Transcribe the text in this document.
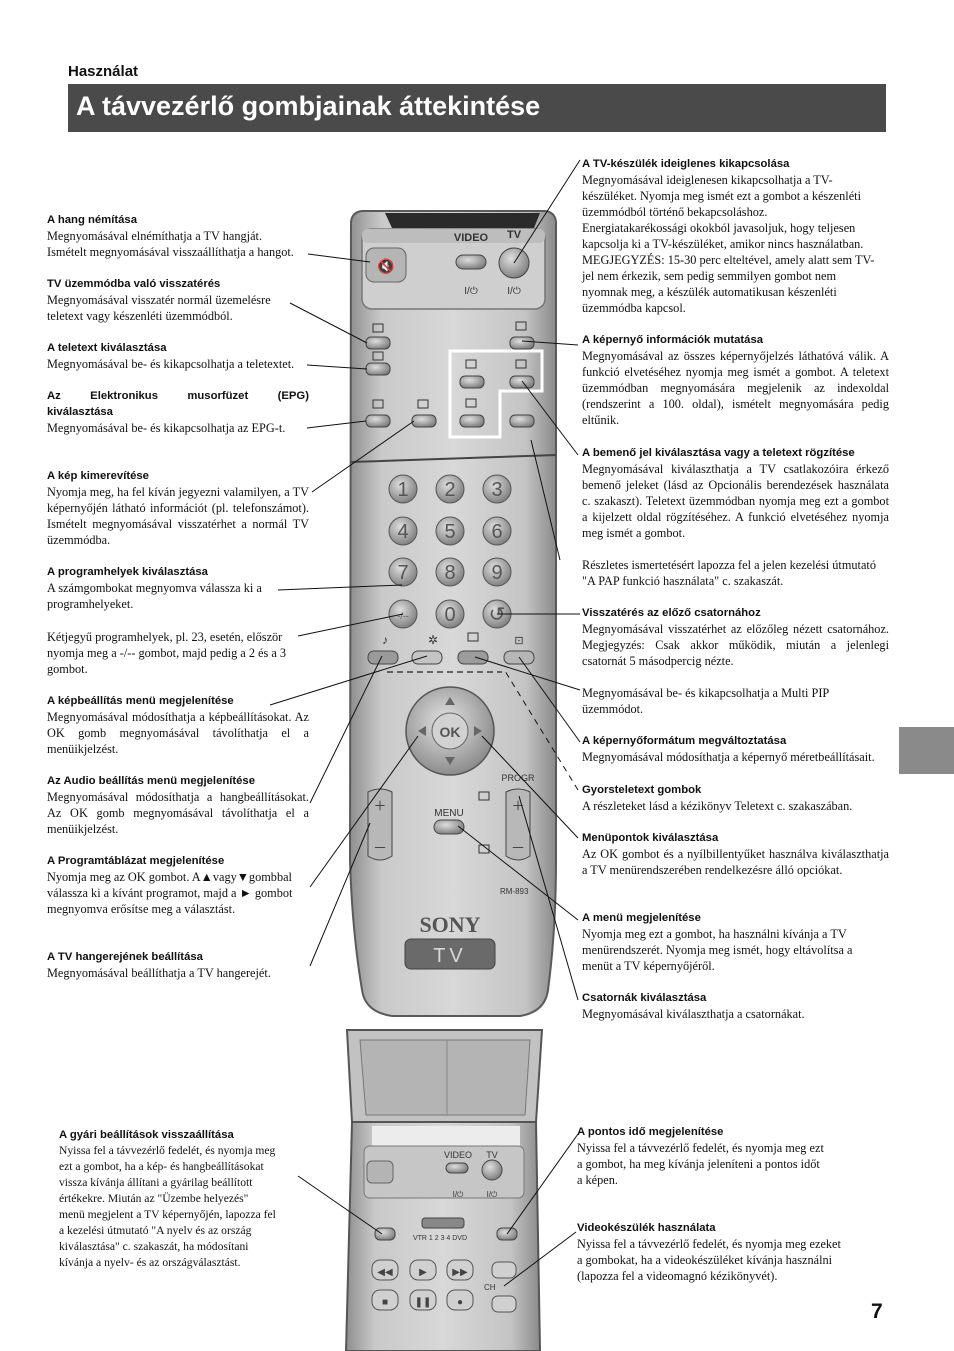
Használat
A távvezérlő gombjainak áttekintése
7
🔇
VIDEO TV
I/⏻	I/⏻
1 2 3
4 5 6
7 8 9
-/-- 0 ↺
♪	✲	⊡
OK
+
–
+
–
PROGR
MENU
RM-893
SONY
TV
VIDEO TV
I/⏻	I/⏻
VTR 1 2 3 4 DVD
◀◀	▶	▶▶
■	❚❚	●
CH
A hang némítása

Megnyomásával elnémíthatja a TV hangját.

Ismételt megnyomásával visszaállíthatja a hangot.

TV üzemmódba való visszatérés

Megnyomásával visszatér normál üzemelésre

teletext vagy készenléti üzemmódból.

A teletext kiválasztása

Megnyomásával be- és kikapcsolhatja a teletextet.

Az	Elektronikus	musorfüzet	(EPG)
kiválasztása

Megnyomásával be- és kikapcsolhatja az EPG-t.

A kép kimerevítése

Nyomja meg, ha fel kíván jegyezni valamilyen, a TV képernyőjén látható információt (pl. telefonszámot). Ismételt megnyomásával visszatérhet a normál TV üzemmódba.

A programhelyek kiválasztása

A számgombokat megnyomva válassza ki a

programhelyeket.

Kétjegyű programhelyek, pl. 23, esetén, először

nyomja meg a -/-- gombot, majd pedig a 2 és a 3

gombot.

A képbeállítás menü megjelenítése

Megnyomásával módosíthatja a képbeállításokat. Az OK gomb megnyomásával távolíthatja el a menüikjelzést.

Az Audio beállítás menü megjelenítése

Megnyomásával módosíthatja a hangbeállításokat. Az OK gomb megnyomásával távolíthatja el a menüikjelzést.

A Programtáblázat megjelenítése

Nyomja meg az OK gombot. A▲vagy▼gombbal

válassza ki a kívánt programot, majd a ► gombot

megnyomva erősítse meg a választást.

A TV hangerejének beállítása

Megnyomásával beállíthatja a TV hangerejét.

A gyári beállítások visszaállítása

Nyissa fel a távvezérlő fedelét, és nyomja meg

ezt a gombot, ha a kép- és hangbeállításokat

vissza kívánja állítani a gyárilag beállított

értékekre. Miután az "Üzembe helyezés"

menü megjelent a TV képernyőjén, lapozza fel

a kezelési útmutató "A nyelv és az ország

kiválasztása" c. szakaszát, ha módosítani

kívánja a nyelv- és az országválasztást.

A TV-készülék ideiglenes kikapcsolása

Megnyomásával ideiglenesen kikapcsolhatja a TV-

készüléket. Nyomja meg ismét ezt a gombot a készenléti

üzemmódból történő bekapcsoláshoz.

Energiatakarékossági okokból javasoljuk, hogy teljesen

kapcsolja ki a TV-készüléket, amikor nincs használatban.

MEGJEGYZÉS: 15-30 perc elteltével, amely alatt sem TV-

jel nem érkezik, sem pedig semmilyen gombot nem

nyomnak meg, a készülék automatikusan készenléti

üzemmódba kapcsol.

A képernyő információk mutatása

Megnyomásával az összes képernyőjelzés láthatóvá válik. A funkció elvetéséhez nyomja meg ismét a gombot. A teletext üzemmódban megnyomására megjelenik az indexoldal (rendszerint a 100. oldal), ismételt megnyomására pedig eltűnik.

A bemenő jel kiválasztása vagy a teletext rögzítése

Megnyomásával kiválaszthatja a TV csatlakozóira érkező bemenő jeleket (lásd az Opcionális berendezések használata c. szakaszt). Teletext üzemmódban nyomja meg ezt a gombot a kijelzett oldal rögzítéséhez. A funkció elvetéséhez nyomja meg ismét a gombot.

Részletes ismertetésért lapozza fel a jelen kezelési útmutató

"A PAP funkció használata" c. szakaszát.

Visszatérés az előző csatornához

Megnyomásával visszatérhet az előzőleg nézett csatornához. Megjegyzés: Csak akkor működik, miután a jelenlegi csatornát 5 másodpercig nézte.

Megnyomásával be- és kikapcsolhatja a Multi PIP

üzemmódot.

A képernyőformátum megváltoztatása

Megnyomásával módosíthatja a képernyő méretbeállításait.

Gyorsteletext gombok

A részleteket lásd a kézikönyv Teletext c. szakaszában.

Menüpontok kiválasztása

Az OK gombot és a nyílbillentyűket használva kiválaszthatja a TV menürendszerében rendelkezésre álló opciókat.

A menü megjelenítése

Nyomja meg ezt a gombot, ha használni kívánja a TV

menürendszerét. Nyomja meg ismét, hogy eltávolítsa a

menüt a TV képernyőjéről.

Csatornák kiválasztása

Megnyomásával kiválaszthatja a csatornákat.

A pontos idő megjelenítése

Nyissa fel a távvezérlő fedelét, és nyomja meg ezt

a gombot, ha meg kívánja jeleníteni a pontos időt

a képen.

Videokészülék használata

Nyissa fel a távvezérlő fedelét, és nyomja meg ezeket

a gombokat, ha a videokészüléket kívánja használni

(lapozza fel a videomagnó kézikönyvét).
